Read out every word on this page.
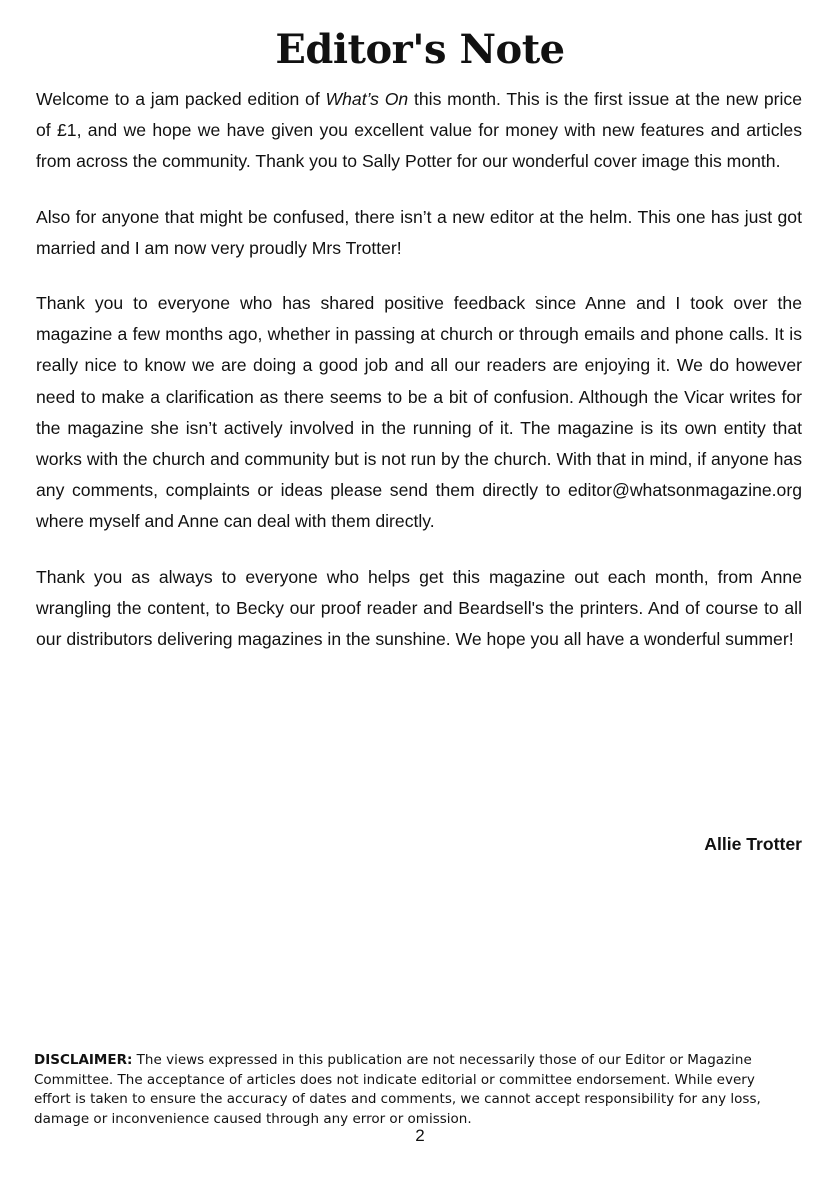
Editor's Note

Welcome to a jam packed edition of What’s On this month. This is the first issue at the new price of £1, and we hope we have given you excellent value for money with new features and articles from across the community. Thank you to Sally Potter for our wonderful cover image this month.

Also for anyone that might be confused, there isn’t a new editor at the helm. This one has just got married and I am now very proudly Mrs Trotter!

Thank you to everyone who has shared positive feedback since Anne and I took over the magazine a few months ago, whether in passing at church or through emails and phone calls. It is really nice to know we are doing a good job and all our readers are enjoying it. We do however need to make a clarification as there seems to be a bit of confusion. Although the Vicar writes for the magazine she isn’t actively involved in the running of it. The magazine is its own entity that works with the church and community but is not run by the church. With that in mind, if anyone has any comments, complaints or ideas please send them directly to editor@whatsonmagazine.org where myself and Anne can deal with them directly.

Thank you as always to everyone who helps get this magazine out each month, from Anne wrangling the content, to Becky our proof reader and Beardsell's the printers. And of course to all our distributors delivering magazines in the sunshine. We hope you all have a wonderful summer!

Allie Trotter

DISCLAIMER: The views expressed in this publication are not necessarily those of our Editor or Magazine Committee. The acceptance of articles does not indicate editorial or committee endorsement. While every effort is taken to ensure the accuracy of dates and comments, we cannot accept responsibility for any loss, damage or inconvenience caused through any error or omission.

2
